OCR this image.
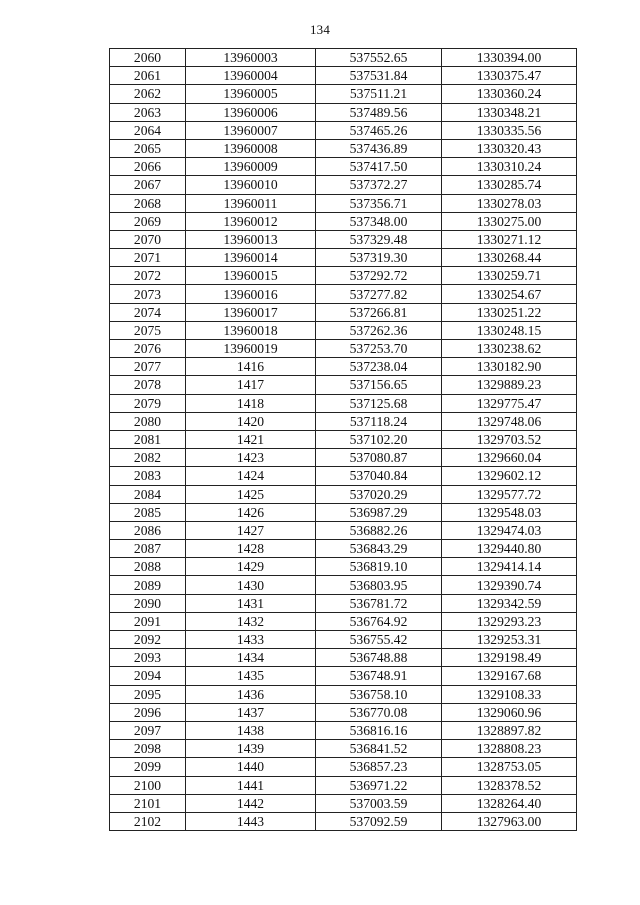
134
2060	13960003	537552.65	1330394.00
2061	13960004	537531.84	1330375.47
2062	13960005	537511.21	1330360.24
2063	13960006	537489.56	1330348.21
2064	13960007	537465.26	1330335.56
2065	13960008	537436.89	1330320.43
2066	13960009	537417.50	1330310.24
2067	13960010	537372.27	1330285.74
2068	13960011	537356.71	1330278.03
2069	13960012	537348.00	1330275.00
2070	13960013	537329.48	1330271.12
2071	13960014	537319.30	1330268.44
2072	13960015	537292.72	1330259.71
2073	13960016	537277.82	1330254.67
2074	13960017	537266.81	1330251.22
2075	13960018	537262.36	1330248.15
2076	13960019	537253.70	1330238.62
2077	1416	537238.04	1330182.90
2078	1417	537156.65	1329889.23
2079	1418	537125.68	1329775.47
2080	1420	537118.24	1329748.06
2081	1421	537102.20	1329703.52
2082	1423	537080.87	1329660.04
2083	1424	537040.84	1329602.12
2084	1425	537020.29	1329577.72
2085	1426	536987.29	1329548.03
2086	1427	536882.26	1329474.03
2087	1428	536843.29	1329440.80
2088	1429	536819.10	1329414.14
2089	1430	536803.95	1329390.74
2090	1431	536781.72	1329342.59
2091	1432	536764.92	1329293.23
2092	1433	536755.42	1329253.31
2093	1434	536748.88	1329198.49
2094	1435	536748.91	1329167.68
2095	1436	536758.10	1329108.33
2096	1437	536770.08	1329060.96
2097	1438	536816.16	1328897.82
2098	1439	536841.52	1328808.23
2099	1440	536857.23	1328753.05
2100	1441	536971.22	1328378.52
2101	1442	537003.59	1328264.40
2102	1443	537092.59	1327963.00
